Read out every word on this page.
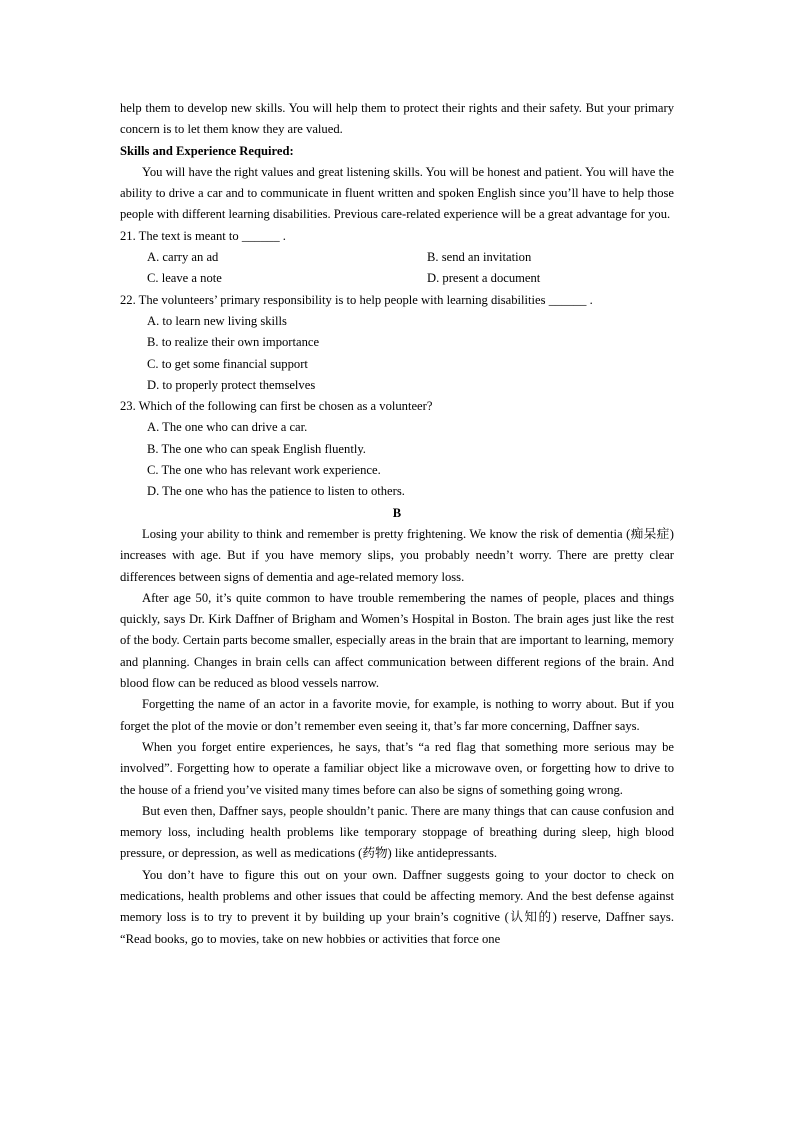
help them to develop new skills. You will help them to protect their rights and their safety. But your primary concern is to let them know they are valued.

Skills and Experience Required:

You will have the right values and great listening skills. You will be honest and patient. You will have the ability to drive a car and to communicate in fluent written and spoken English since you’ll have to help those people with different learning disabilities. Previous care-related experience will be a great advantage for you.

21. The text is meant to ______ .

A. carry an ad	B. send an invitation
C. leave a note	D. present a document

22. The volunteers’ primary responsibility is to help people with learning disabilities ______ .

A. to learn new living skills

B. to realize their own importance

C. to get some financial support

D. to properly protect themselves

23. Which of the following can first be chosen as a volunteer?

A. The one who can drive a car.

B. The one who can speak English fluently.

C. The one who has relevant work experience.

D. The one who has the patience to listen to others.

B

Losing your ability to think and remember is pretty frightening. We know the risk of dementia (痴呆症) increases with age. But if you have memory slips, you probably needn’t worry. There are pretty clear differences between signs of dementia and age-related memory loss.

After age 50, it’s quite common to have trouble remembering the names of people, places and things quickly, says Dr. Kirk Daffner of Brigham and Women’s Hospital in Boston. The brain ages just like the rest of the body. Certain parts become smaller, especially areas in the brain that are important to learning, memory and planning. Changes in brain cells can affect communication between different regions of the brain. And blood flow can be reduced as blood vessels narrow.

Forgetting the name of an actor in a favorite movie, for example, is nothing to worry about. But if you forget the plot of the movie or don’t remember even seeing it, that’s far more concerning, Daffner says.

When you forget entire experiences, he says, that’s “a red flag that something more serious may be involved”. Forgetting how to operate a familiar object like a microwave oven, or forgetting how to drive to the house of a friend you’ve visited many times before can also be signs of something going wrong.

But even then, Daffner says, people shouldn’t panic. There are many things that can cause confusion and memory loss, including health problems like temporary stoppage of breathing during sleep, high blood pressure, or depression, as well as medications (药物) like antidepressants.

You don’t have to figure this out on your own. Daffner suggests going to your doctor to check on medications, health problems and other issues that could be affecting memory. And the best defense against memory loss is to try to prevent it by building up your brain’s cognitive (认知的) reserve, Daffner says. “Read books, go to movies, take on new hobbies or activities that force one
